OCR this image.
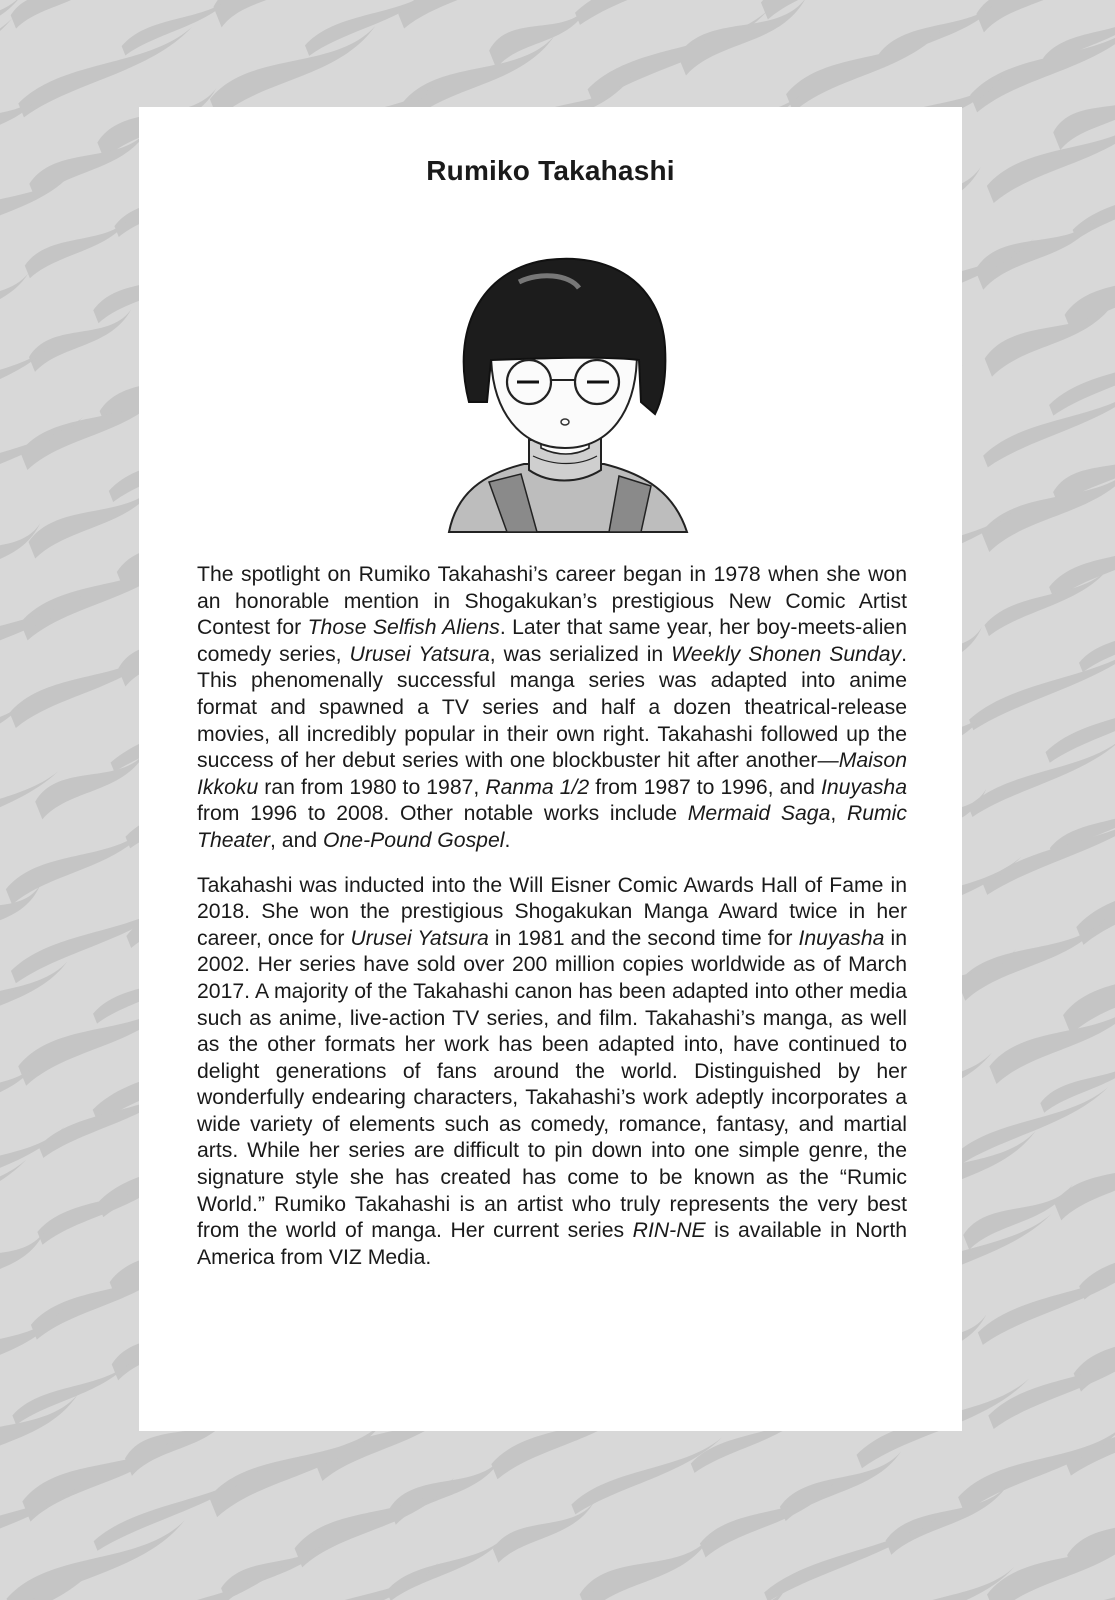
Rumiko Takahashi

The spotlight on Rumiko Takahashi’s career began in 1978 when she won an honorable mention in Shogakukan’s prestigious New Comic Artist Contest for Those Selfish Aliens. Later that same year, her boy-meets-alien comedy series, Urusei Yatsura, was serialized in Weekly Shonen Sunday. This phenomenally successful manga series was adapted into anime format and spawned a TV series and half a dozen theatrical-release movies, all incredibly popular in their own right. Takahashi followed up the success of her debut series with one blockbuster hit after another—Maison Ikkoku ran from 1980 to 1987, Ranma 1/2 from 1987 to 1996, and Inuyasha from 1996 to 2008. Other notable works include Mermaid Saga, Rumic Theater, and One-Pound Gospel.

Takahashi was inducted into the Will Eisner Comic Awards Hall of Fame in 2018. She won the prestigious Shogakukan Manga Award twice in her career, once for Urusei Yatsura in 1981 and the second time for Inuyasha in 2002. Her series have sold over 200 million copies worldwide as of March 2017. A majority of the Takahashi canon has been adapted into other media such as anime, live-action TV series, and film. Takahashi’s manga, as well as the other formats her work has been adapted into, have continued to delight generations of fans around the world. Distinguished by her wonderfully endearing characters, Takahashi’s work adeptly incorporates a wide variety of elements such as comedy, romance, fantasy, and martial arts. While her series are difficult to pin down into one simple genre, the signature style she has created has come to be known as the “Rumic World.” Rumiko Takahashi is an artist who truly represents the very best from the world of manga. Her current series RIN-NE is available in North America from VIZ Media.
